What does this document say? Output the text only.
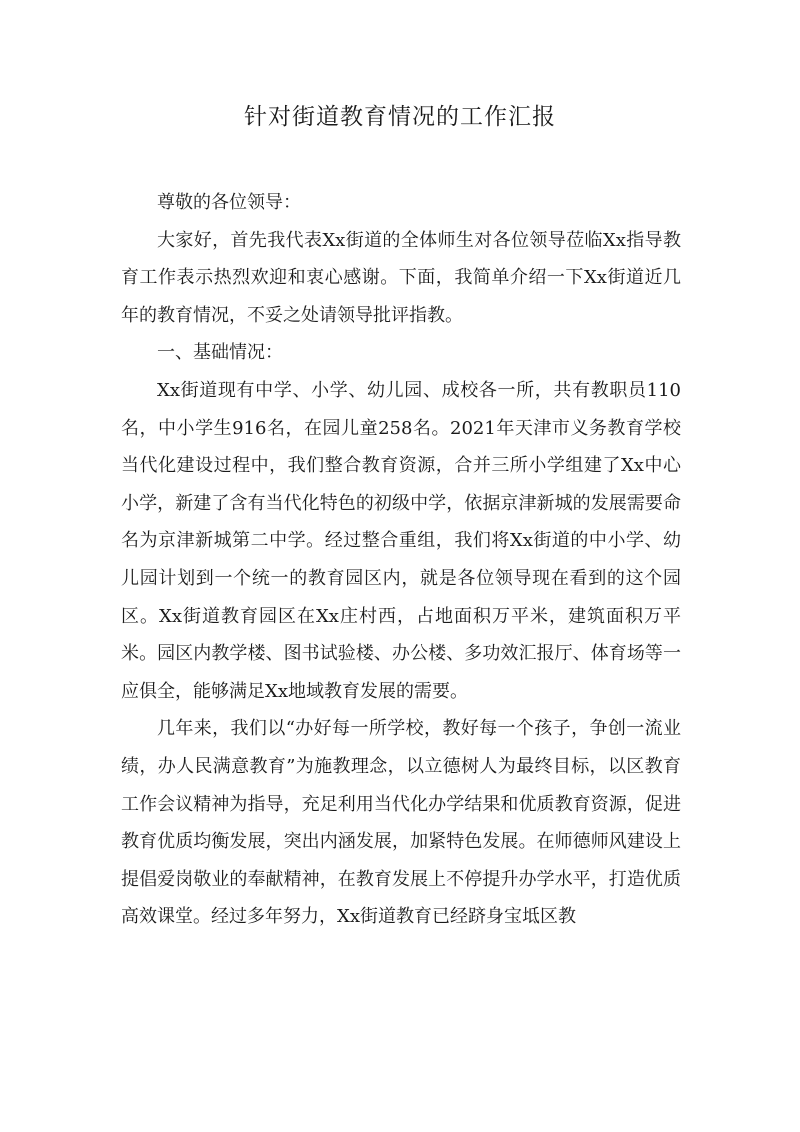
针对街道教育情况的工作汇报

尊敬的各位领导：

大家好，首先我代表Xx街道的全体师生对各位领导莅临Xx指导教育工作表示热烈欢迎和衷心感谢。下面，我简单介绍一下Xx街道近几年的教育情况，不妥之处请领导批评指教。

一、基础情况：

Xx街道现有中学、小学、幼儿园、成校各一所，共有教职员110名，中小学生916名，在园儿童258名。2021年天津市义务教育学校当代化建设过程中，我们整合教育资源，合并三所小学组建了Xx中心小学，新建了含有当代化特色的初级中学，依据京津新城的发展需要命名为京津新城第二中学。经过整合重组，我们将Xx街道的中小学、幼儿园计划到一个统一的教育园区内，就是各位领导现在看到的这个园区。Xx街道教育园区在Xx庄村西，占地面积万平米，建筑面积万平米。园区内教学楼、图书试验楼、办公楼、多功效汇报厅、体育场等一应俱全，能够满足Xx地域教育发展的需要。

几年来，我们以“办好每一所学校，教好每一个孩子，争创一流业绩，办人民满意教育”为施教理念，以立德树人为最终目标，以区教育工作会议精神为指导，充足利用当代化办学结果和优质教育资源，促进教育优质均衡发展，突出内涵发展，加紧特色发展。在师德师风建设上提倡爱岗敬业的奉献精神，在教育发展上不停提升办学水平，打造优质高效课堂。经过多年努力，Xx街道教育已经跻身宝坻区教
